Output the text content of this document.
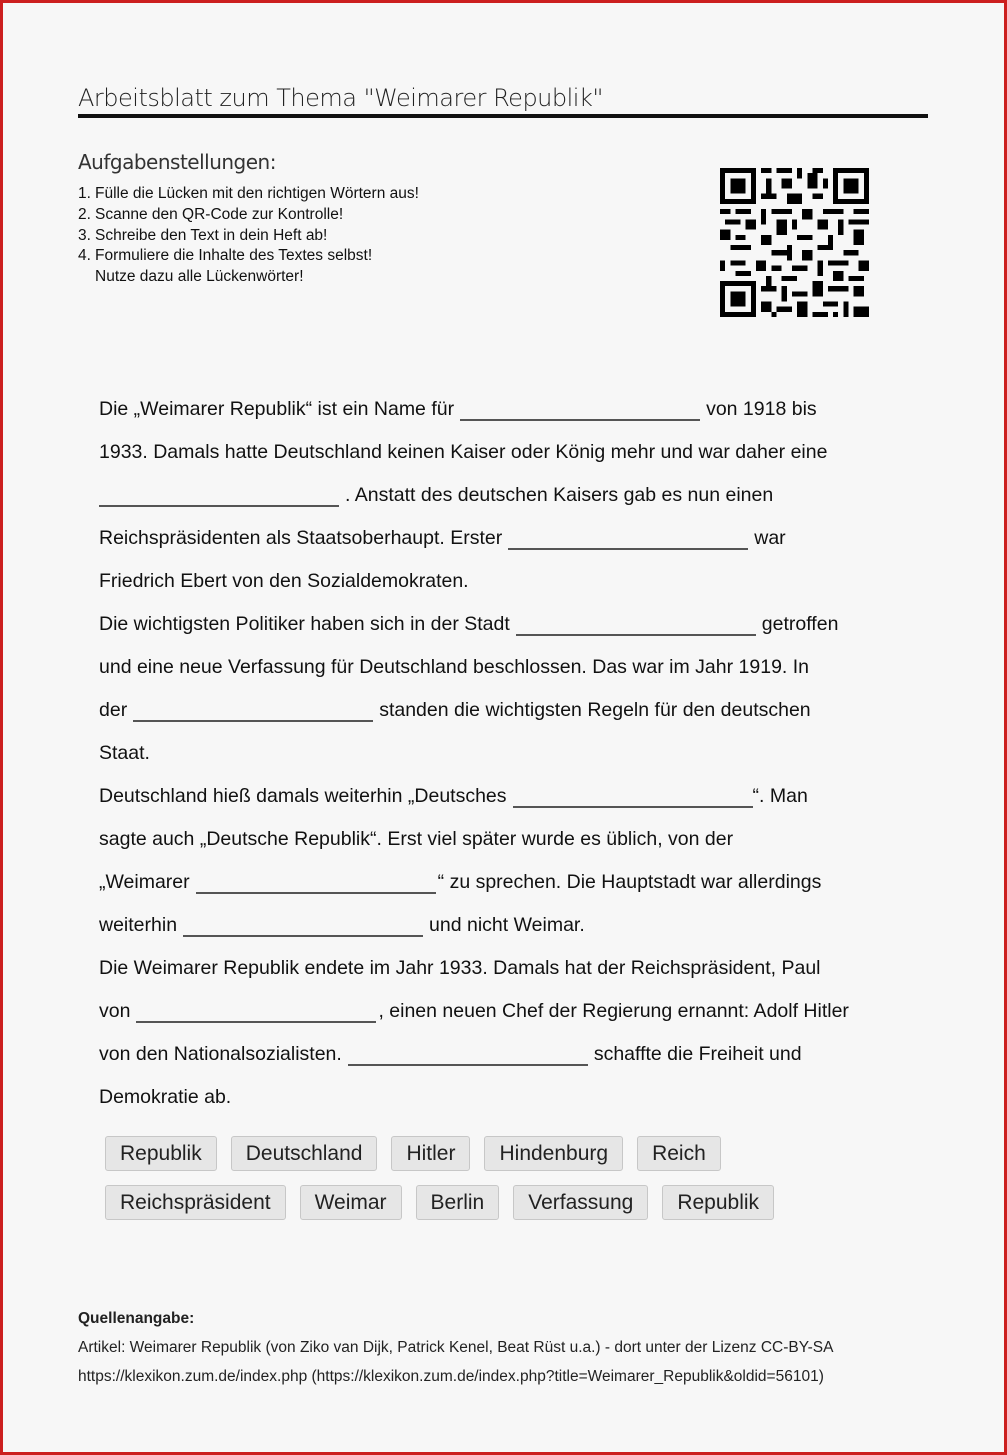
Arbeitsblatt zum Thema "Weimarer Republik"
Aufgabenstellungen:
1. Fülle die Lücken mit den richtigen Wörtern aus!
2. Scanne den QR-Code zur Kontrolle!
3. Schreibe den Text in dein Heft ab!
4. Formuliere die Inhalte des Textes selbst!
Nutze dazu alle Lückenwörter!

Die „Weimarer Republik“ ist ein Name für	von 1918 bis

1933. Damals hatte Deutschland keinen Kaiser oder König mehr und war daher eine

. Anstatt des deutschen Kaisers gab es nun einen

Reichspräsidenten als Staatsoberhaupt. Erster	war

Friedrich Ebert von den Sozialdemokraten.

Die wichtigsten Politiker haben sich in der Stadt	getroffen

und eine neue Verfassung für Deutschland beschlossen. Das war im Jahr 1919. In

der	standen die wichtigsten Regeln für den deutschen

Staat.

Deutschland hieß damals weiterhin „Deutsches	“. Man

sagte auch „Deutsche Republik“. Erst viel später wurde es üblich, von der

„Weimarer	“ zu sprechen. Die Hauptstadt war allerdings

weiterhin	und nicht Weimar.

Die Weimarer Republik endete im Jahr 1933. Damals hat der Reichspräsident, Paul

von	, einen neuen Chef der Regierung ernannt: Adolf Hitler

von den Nationalsozialisten.	schaffte die Freiheit und

Demokratie ab.

Republik	Deutschland	Hitler	Hindenburg	Reich
Reichspräsident	Weimar	Berlin	Verfassung	Republik
Quellenangabe:
Artikel: Weimarer Republik (von Ziko van Dijk, Patrick Kenel, Beat Rüst u.a.) - dort unter der Lizenz CC-BY-SA
https://klexikon.zum.de/index.php (https://klexikon.zum.de/index.php?title=Weimarer_Republik&oldid=56101)
